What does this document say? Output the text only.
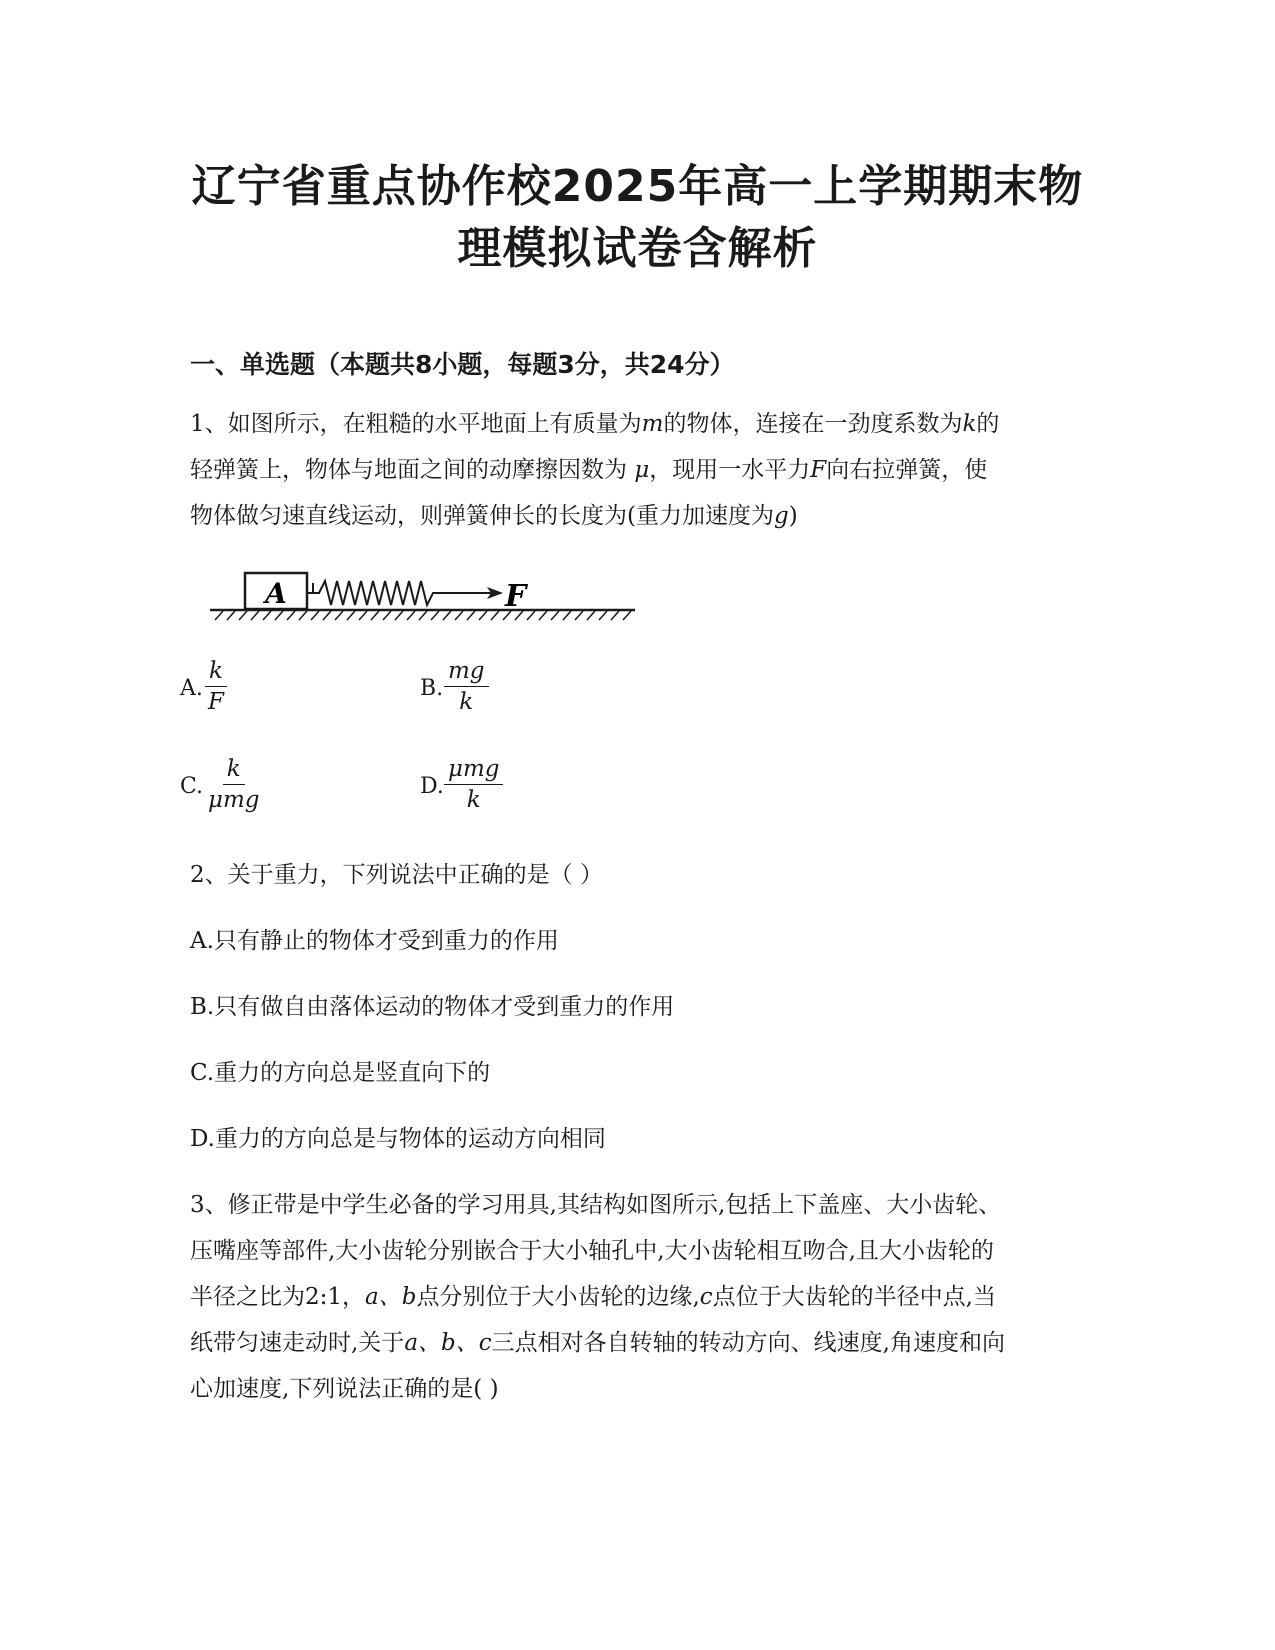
辽宁省重点协作校2025年高一上学期期末物
理模拟试卷含解析
一、单选题（本题共8小题，每题3分，共24分）

1、如图所示，在粗糙的水平地面上有质量为m的物体，连接在一劲度系数为k的

轻弹簧上，物体与地面之间的动摩擦因数为 μ，现用一水平力F向右拉弹簧，使

物体做匀速直线运动，则弹簧伸长的长度为(重力加速度为g)

A	F
A. $\frac{k}{F}$	B. $\frac{mg}{k}$
C.
k
μmg
D.
μmg
k

2、关于重力，下列说法中正确的是（ ）

A.只有静止的物体才受到重力的作用

B.只有做自由落体运动的物体才受到重力的作用

C.重力的方向总是竖直向下的

D.重力的方向总是与物体的运动方向相同

3、修正带是中学生必备的学习用具,其结构如图所示,包括上下盖座、大小齿轮、

压嘴座等部件,大小齿轮分别嵌合于大小轴孔中,大小齿轮相互吻合,且大小齿轮的

半径之比为2:1，a、b点分别位于大小齿轮的边缘,c点位于大齿轮的半径中点,当

纸带匀速走动时,关于a、b、c三点相对各自转轴的转动方向、线速度,角速度和向

心加速度,下列说法正确的是( )
